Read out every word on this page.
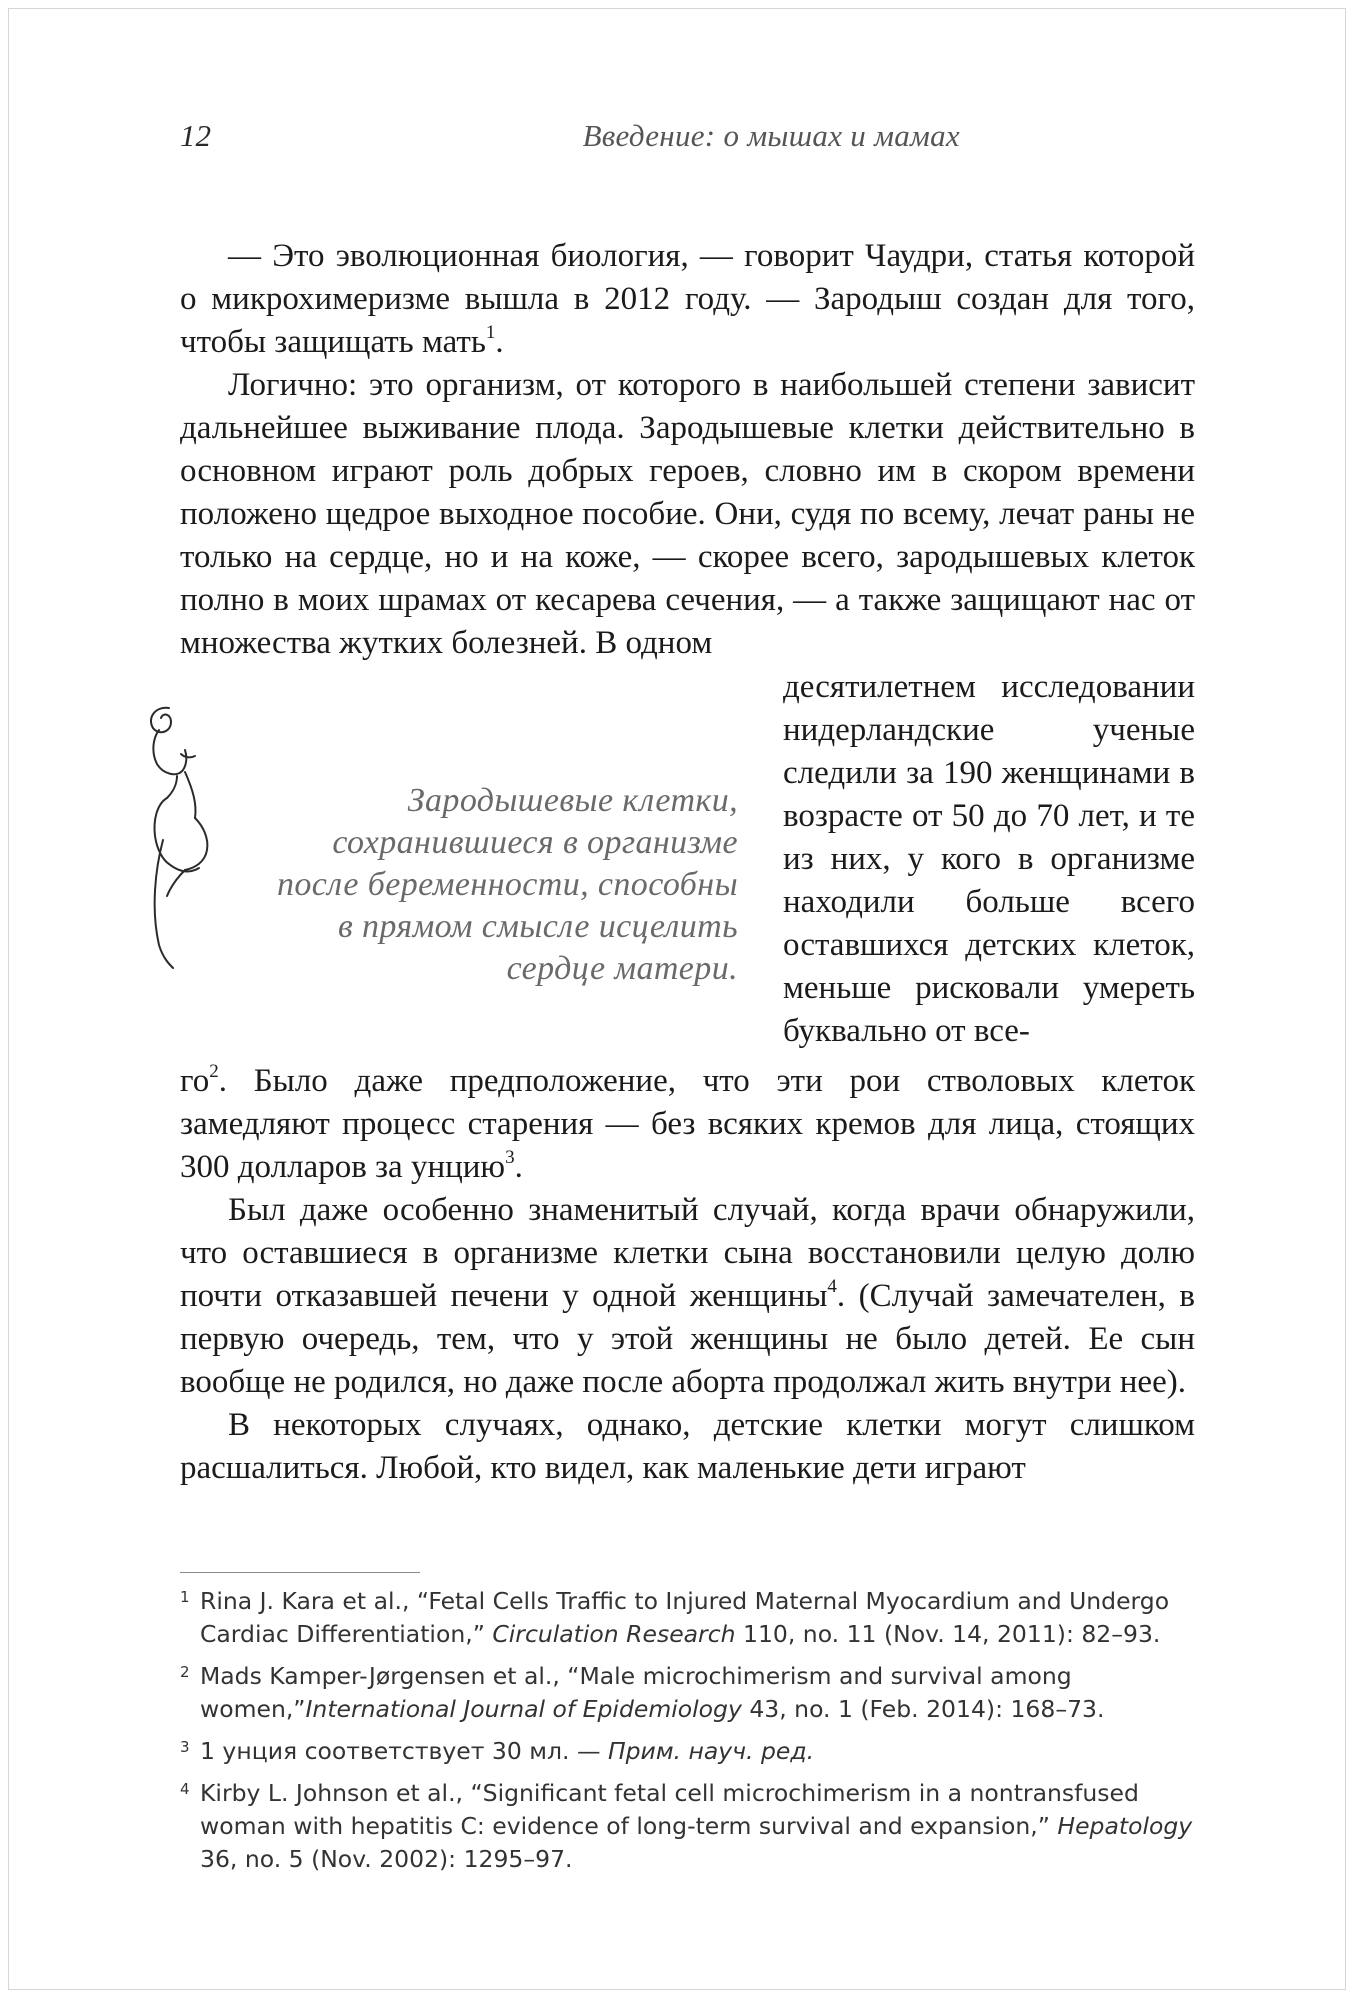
12	Введение: о мышах и мамах

— Это эволюционная биология, — говорит Чаудри, статья которой о микрохимеризме вышла в 2012 году. — Зародыш создан для того, чтобы защищать мать$^1$.

Логично: это организм, от которого в наибольшей степени зависит дальнейшее выживание плода. Зародышевые клетки действительно в основном играют роль добрых героев, словно им в скором времени положено щедрое выходное пособие. Они, судя по всему, лечат раны не только на сердце, но и на коже, — скорее всего, зародышевых клеток полно в моих шрамах от кесарева сечения, — а также защищают нас от множества жутких болезней. В одном

Зародышевые клетки,
сохранившиеся в организме
после беременности, способны
в прямом смысле исцелить
сердце матери.

десятилетнем исследовании нидерландские ученые следили за 190 женщинами в возрасте от 50 до 70 лет, и те из них, у кого в организме находили больше всего оставшихся детских клеток, меньше рисковали умереть буквально от все-

$го^2$. Было даже предположение, что эти рои стволовых клеток замедляют процесс старения — без всяких кремов для лица, стоящих 300 долларов за унцию$^3$.

Был даже особенно знаменитый случай, когда врачи обнаружили, что оставшиеся в организме клетки сына восстановили целую долю почти отказавшей печени у одной женщины$^4$. (Случай замечателен, в первую очередь, тем, что у этой женщины не было детей. Ее сын вообще не родился, но даже после аборта продолжал жить внутри нее).

В некоторых случаях, однако, детские клетки могут слишком расшалиться. Любой, кто видел, как маленькие дети играют

1 Rina J. Kara et al., “Fetal Cells Traffic to Injured Maternal Myocardium and Undergo Cardiac Differentiation,” Circulation Research 110, no. 11 (Nov. 14, 2011): 82–93.
2 Mads Kamper-Jørgensen et al., “Male microchimerism and survival among women,”International Journal of Epidemiology 43, no. 1 (Feb. 2014): 168–73.
3 1 унция соответствует 30 мл. — Прим. науч. ред.
4 Kirby L. Johnson et al., “Significant fetal cell microchimerism in a nontransfused woman with hepatitis C: evidence of long-term survival and expansion,” Hepatology 36, no. 5 (Nov. 2002): 1295–97.
